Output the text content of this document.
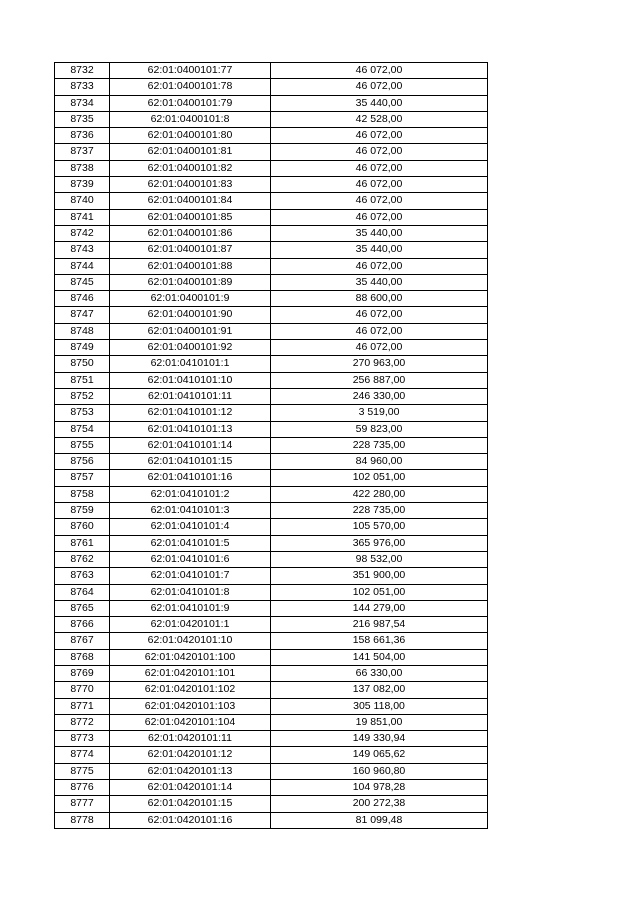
8732	62:01:0400101:77	46 072,00
8733	62:01:0400101:78	46 072,00
8734	62:01:0400101:79	35 440,00
8735	62:01:0400101:8	42 528,00
8736	62:01:0400101:80	46 072,00
8737	62:01:0400101:81	46 072,00
8738	62:01:0400101:82	46 072,00
8739	62:01:0400101:83	46 072,00
8740	62:01:0400101:84	46 072,00
8741	62:01:0400101:85	46 072,00
8742	62:01:0400101:86	35 440,00
8743	62:01:0400101:87	35 440,00
8744	62:01:0400101:88	46 072,00
8745	62:01:0400101:89	35 440,00
8746	62:01:0400101:9	88 600,00
8747	62:01:0400101:90	46 072,00
8748	62:01:0400101:91	46 072,00
8749	62:01:0400101:92	46 072,00
8750	62:01:0410101:1	270 963,00
8751	62:01:0410101:10	256 887,00
8752	62:01:0410101:11	246 330,00
8753	62:01:0410101:12	3 519,00
8754	62:01:0410101:13	59 823,00
8755	62:01:0410101:14	228 735,00
8756	62:01:0410101:15	84 960,00
8757	62:01:0410101:16	102 051,00
8758	62:01:0410101:2	422 280,00
8759	62:01:0410101:3	228 735,00
8760	62:01:0410101:4	105 570,00
8761	62:01:0410101:5	365 976,00
8762	62:01:0410101:6	98 532,00
8763	62:01:0410101:7	351 900,00
8764	62:01:0410101:8	102 051,00
8765	62:01:0410101:9	144 279,00
8766	62:01:0420101:1	216 987,54
8767	62:01:0420101:10	158 661,36
8768	62:01:0420101:100	141 504,00
8769	62:01:0420101:101	66 330,00
8770	62:01:0420101:102	137 082,00
8771	62:01:0420101:103	305 118,00
8772	62:01:0420101:104	19 851,00
8773	62:01:0420101:11	149 330,94
8774	62:01:0420101:12	149 065,62
8775	62:01:0420101:13	160 960,80
8776	62:01:0420101:14	104 978,28
8777	62:01:0420101:15	200 272,38
8778	62:01:0420101:16	81 099,48
